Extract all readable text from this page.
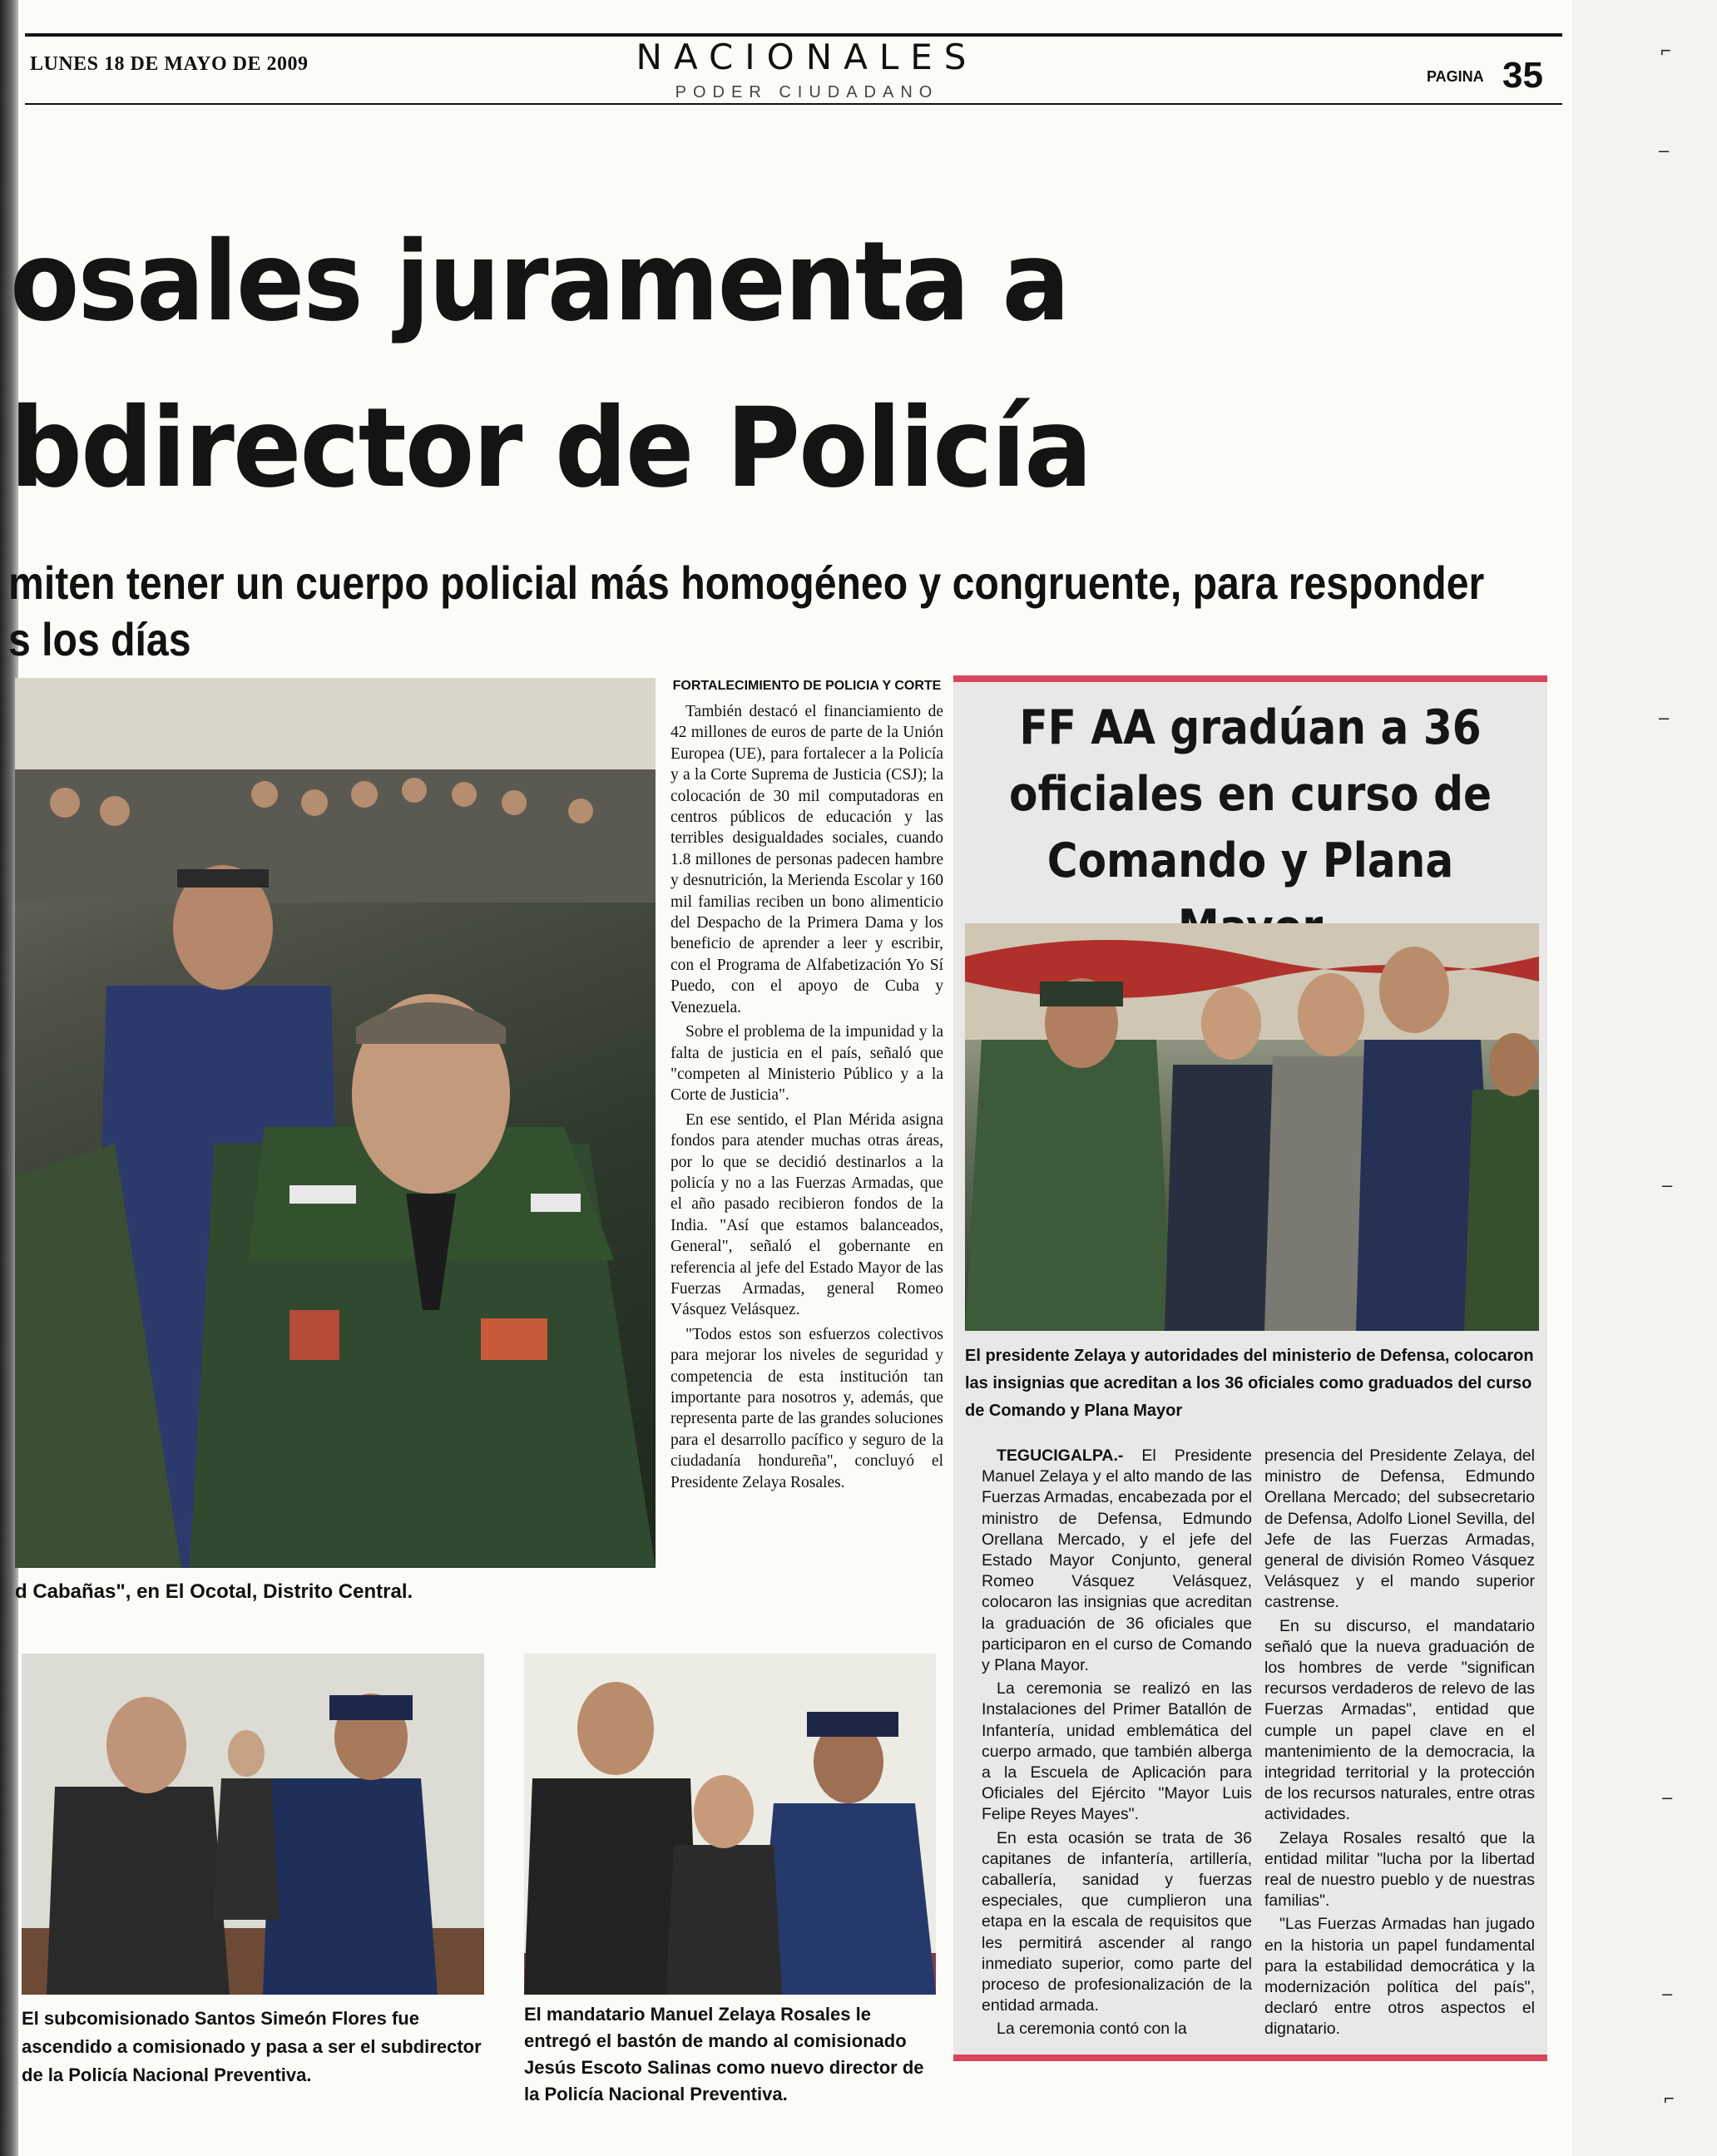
LUNES 18 DE MAYO DE 2009	NACIONALES
PODER CIUDADANO
PAGINA 35
osales juramenta a
bdirector de Policía
miten tener un cuerpo policial más homogéneo y congruente, para responder
s los días
d Cabañas", en El Ocotal, Distrito Central.
El subcomisionado Santos Simeón Flores fue ascendido a comisionado y pasa a ser el subdirector de la Policía Nacional Preventiva.
El mandatario Manuel Zelaya Rosales le entregó el bastón de mando al comisionado Jesús Escoto Salinas como nuevo director de la Policía Nacional Preventiva.
FORTALECIMIENTO DE POLICIA Y CORTE

También destacó el financiamiento de 42 millones de euros de parte de la Unión Europea (UE), para fortalecer a la Policía y a la Corte Suprema de Justicia (CSJ); la colocación de 30 mil computadoras en centros públicos de educación y las terribles desigualdades sociales, cuando 1.8 millones de personas padecen hambre y desnutrición, la Merienda Escolar y 160 mil familias reciben un bono alimenticio del Despacho de la Primera Dama y los beneficio de aprender a leer y escribir, con el Programa de Alfabetización Yo Sí Puedo, con el apoyo de Cuba y Venezuela.

Sobre el problema de la impunidad y la falta de justicia en el país, señaló que "competen al Ministerio Público y a la Corte de Justicia".

En ese sentido, el Plan Mérida asigna fondos para atender muchas otras áreas, por lo que se decidió destinarlos a la policía y no a las Fuerzas Armadas, que el año pasado recibieron fondos de la India. "Así que estamos balanceados, General", señaló el gobernante en referencia al jefe del Estado Mayor de las Fuerzas Armadas, general Romeo Vásquez Velásquez.

"Todos estos son esfuerzos colectivos para mejorar los niveles de seguridad y competencia de esta institución tan importante para nosotros y, además, que representa parte de las grandes soluciones para el desarrollo pacífico y seguro de la ciudadanía hondureña", concluyó el Presidente Zelaya Rosales.

FF AA gradúan a 36
oficiales en curso de
Comando y Plana
El presidente Zelaya y autoridades del ministerio de Defensa, colocaron las insignias que acreditan a los 36 oficiales como graduados del curso de Comando y Plana Mayor

TEGUCIGALPA.- El Presidente Manuel Zelaya y el alto mando de las Fuerzas Armadas, encabezada por el ministro de Defensa, Edmundo Orellana Mercado, y el jefe del Estado Mayor Conjunto, general Romeo Vásquez Velásquez, colocaron las insignias que acreditan la graduación de 36 oficiales que participaron en el curso de Comando y Plana Mayor.

La ceremonia se realizó en las Instalaciones del Primer Batallón de Infantería, unidad emblemática del cuerpo armado, que también alberga a la Escuela de Aplicación para Oficiales del Ejército "Mayor Luis Felipe Reyes Mayes".

En esta ocasión se trata de 36 capitanes de infantería, artillería, caballería, sanidad y fuerzas especiales, que cumplieron una etapa en la escala de requisitos que les permitirá ascender al rango inmediato superior, como parte del proceso de profesionalización de la entidad armada.

La ceremonia contó con la

presencia del Presidente Zelaya, del ministro de Defensa, Edmundo Orellana Mercado; del subsecretario de Defensa, Adolfo Lionel Sevilla, del Jefe de las Fuerzas Armadas, general de división Romeo Vásquez Velásquez y el mando superior castrense.

En su discurso, el mandatario señaló que la nueva graduación de los hombres de verde "significan recursos verdaderos de relevo de las Fuerzas Armadas", entidad que cumple un papel clave en el mantenimiento de la democracia, la integridad territorial y la protección de los recursos naturales, entre otras actividades.

Zelaya Rosales resaltó que la entidad militar "lucha por la libertad real de nuestro pueblo y de nuestras familias".

"Las Fuerzas Armadas han jugado en la historia un papel fundamental para la estabilidad democrática y la modernización política del país", declaró entre otros aspectos el dignatario.

⌐
–
–
–
–
–
⌐
